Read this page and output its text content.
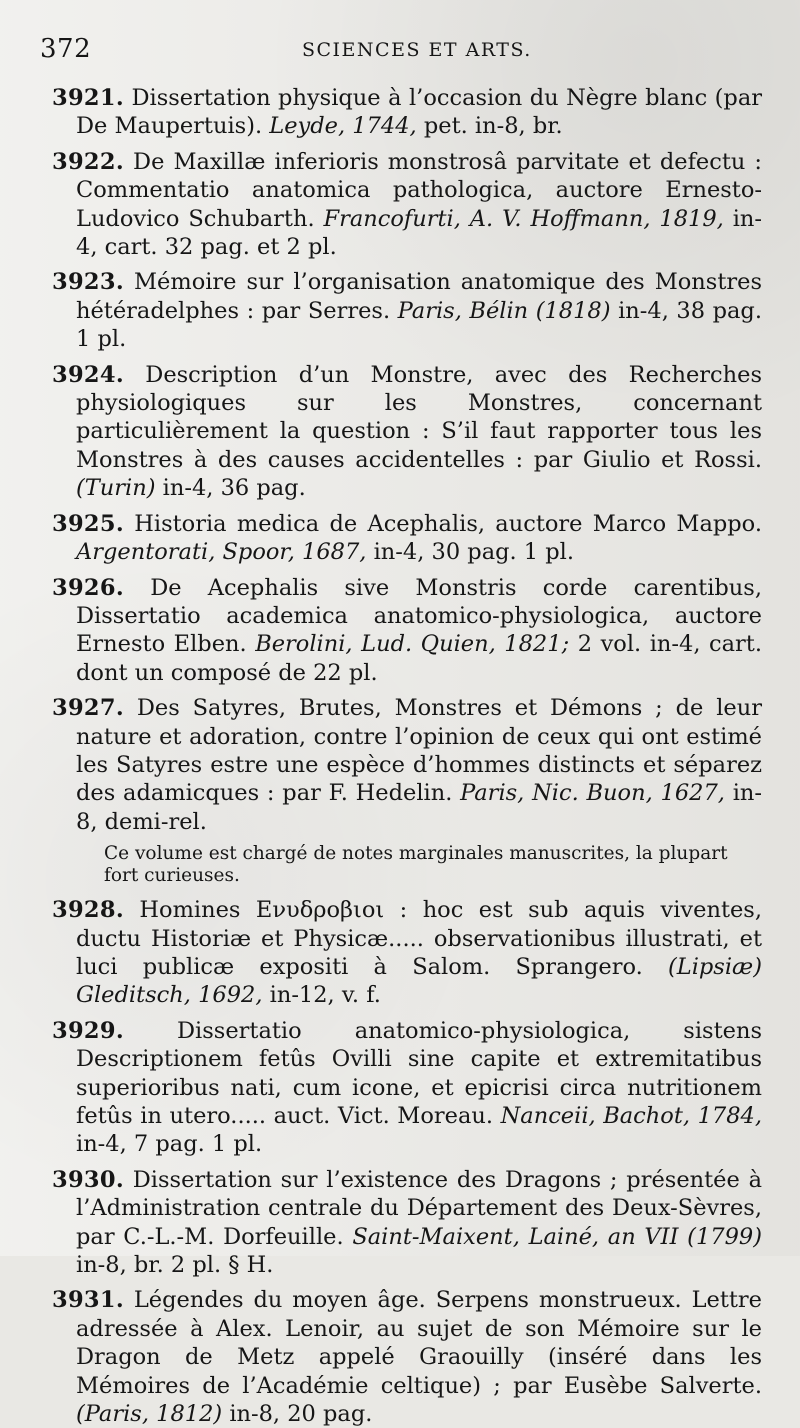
372	SCIENCES ET ARTS.

3921. Dissertation physique à l’occasion du Nègre blanc (par De Maupertuis). Leyde, 1744, pet. in-8, br.

3922. De Maxillæ inferioris monstrosâ parvitate et defectu : Commentatio anatomica pathologica, auctore Ernesto-Ludovico Schubarth. Francofurti, A. V. Hoffmann, 1819, in-4, cart. 32 pag. et 2 pl.

3923. Mémoire sur l’organisation anatomique des Monstres hétéradelphes : par Serres. Paris, Bélin (1818) in-4, 38 pag. 1 pl.

3924. Description d’un Monstre, avec des Recherches physiologiques sur les Monstres, concernant particulièrement la question : S’il faut rapporter tous les Monstres à des causes accidentelles : par Giulio et Rossi. (Turin) in-4, 36 pag.

3925. Historia medica de Acephalis, auctore Marco Mappo. Argentorati, Spoor, 1687, in-4, 30 pag. 1 pl.

3926. De Acephalis sive Monstris corde carentibus, Dissertatio academica anatomico-physiologica, auctore Ernesto Elben. Berolini, Lud. Quien, 1821; 2 vol. in-4, cart. dont un composé de 22 pl.

3927. Des Satyres, Brutes, Monstres et Démons ; de leur nature et adoration, contre l’opinion de ceux qui ont estimé les Satyres estre une espèce d’hommes distincts et séparez des adamicques : par F. Hedelin. Paris, Nic. Buon, 1627, in-8, demi-rel.

Ce volume est chargé de notes marginales manuscrites, la plupart fort curieuses.

3928. Homines Ενυδροβιοι : hoc est sub aquis viventes, ductu Historiæ et Physicæ..... observationibus illustrati, et luci publicæ expositi à Salom. Sprangero. (Lipsiæ) Gleditsch, 1692, in-12, v. f.

3929. Dissertatio anatomico-physiologica, sistens Descriptionem fetûs Ovilli sine capite et extremitatibus superioribus nati, cum icone, et epicrisi circa nutritionem fetûs in utero..... auct. Vict. Moreau. Nanceii, Bachot, 1784, in-4, 7 pag. 1 pl.

3930. Dissertation sur l’existence des Dragons ; présentée à l’Administration centrale du Département des Deux-Sèvres, par C.-L.-M. Dorfeuille. Saint-Maixent, Lainé, an VII (1799) in-8, br. 2 pl. § H.

3931. Légendes du moyen âge. Serpens monstrueux. Lettre adressée à Alex. Lenoir, au sujet de son Mémoire sur le Dragon de Metz appelé Graouilly (inséré dans les Mémoires de l’Académie celtique) ; par Eusèbe Salverte. (Paris, 1812) in-8, 20 pag.
